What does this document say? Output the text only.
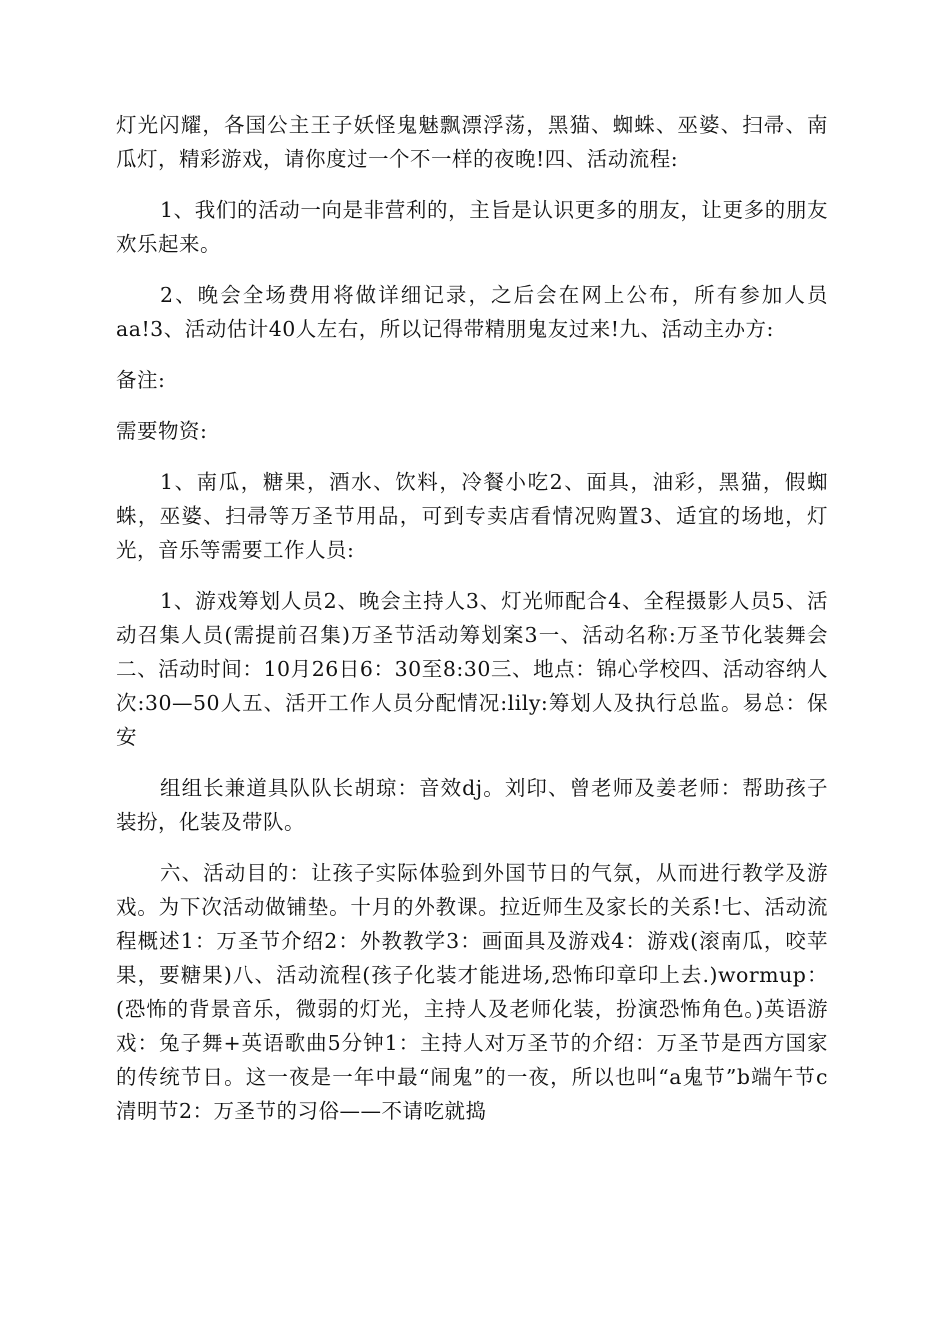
灯光闪耀，各国公主王子妖怪鬼魅飘漂浮荡，黑猫、蜘蛛、巫婆、扫帚、南瓜灯，精彩游戏，请你度过一个不一样的夜晚!四、活动流程:

1、我们的活动一向是非营利的，主旨是认识更多的朋友，让更多的朋友欢乐起来。

2、晚会全场费用将做详细记录，之后会在网上公布，所有参加人员aa!3、活动估计40人左右，所以记得带精朋鬼友过来!九、活动主办方:

备注:

需要物资:

1、南瓜，糖果，酒水、饮料，冷餐小吃2、面具，油彩，黑猫，假蜘蛛，巫婆、扫帚等万圣节用品，可到专卖店看情况购置3、适宜的场地，灯光，音乐等需要工作人员:

1、游戏筹划人员2、晚会主持人3、灯光师配合4、全程摄影人员5、活动召集人员(需提前召集)万圣节活动筹划案3一、活动名称:万圣节化装舞会二、活动时间：10月26日6：30至8:30三、地点：锦心学校四、活动容纳人次:30—50人五、活开工作人员分配情况:lily:筹划人及执行总监。易总：保安

组组长兼道具队队长胡琼：音效dj。刘印、曾老师及姜老师：帮助孩子装扮，化装及带队。

六、活动目的：让孩子实际体验到外国节日的气氛，从而进行教学及游戏。为下次活动做铺垫。十月的外教课。拉近师生及家长的关系!七、活动流程概述1：万圣节介绍2：外教教学3：画面具及游戏4：游戏(滚南瓜，咬苹果，要糖果)八、活动流程(孩子化装才能进场,恐怖印章印上去.)wormup：(恐怖的背景音乐，微弱的灯光，主持人及老师化装，扮演恐怖角色。)英语游戏：兔子舞+英语歌曲5分钟1：主持人对万圣节的介绍：万圣节是西方国家的传统节日。这一夜是一年中最“闹鬼”的一夜，所以也叫“a鬼节”b端午节c清明节2：万圣节的习俗——不请吃就捣
